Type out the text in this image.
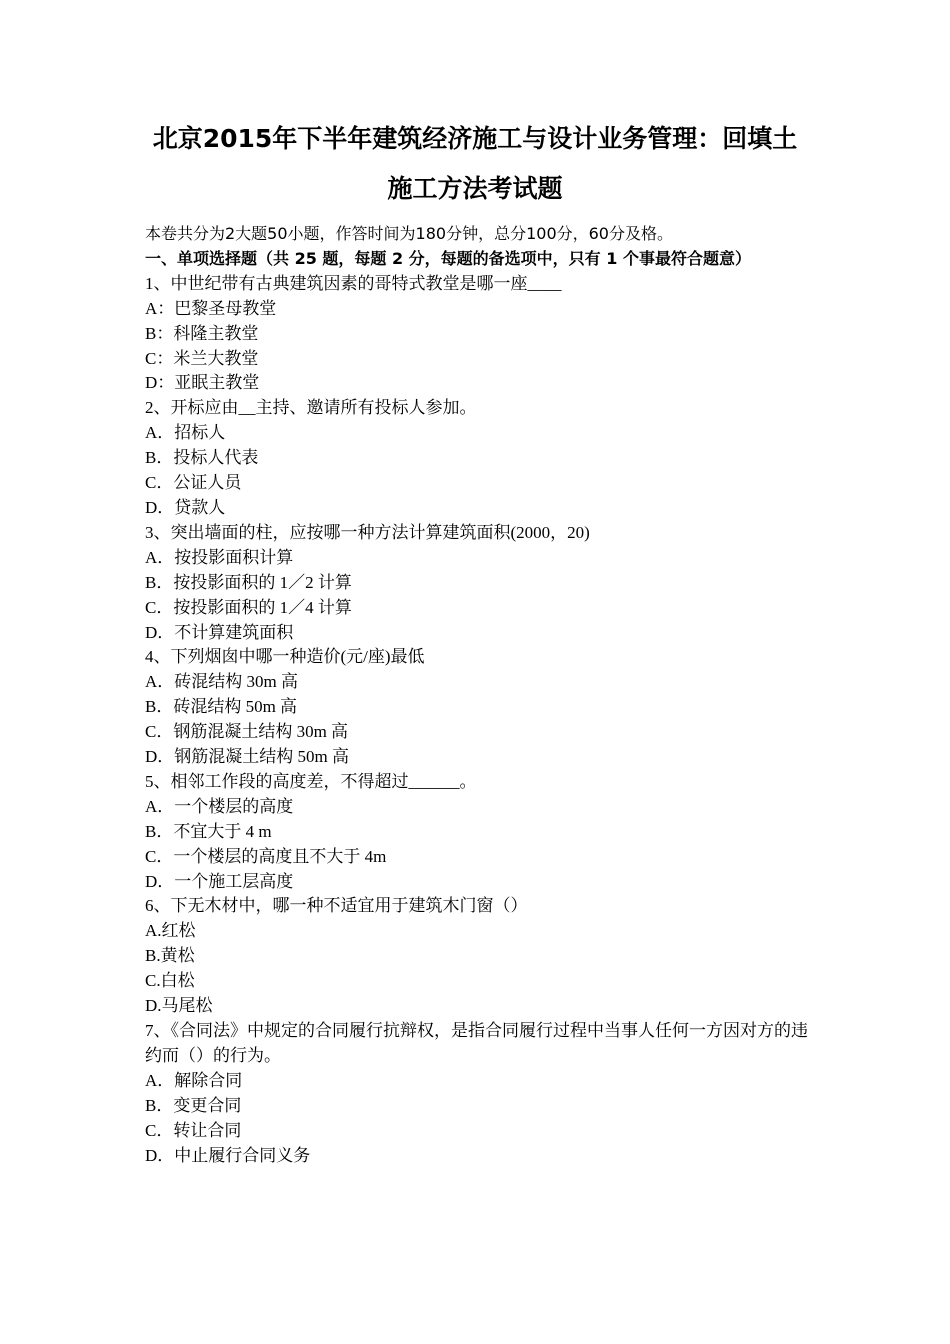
北京2015年下半年建筑经济施工与设计业务管理：回填土
施工方法考试题
本卷共分为2大题50小题，作答时间为180分钟，总分100分，60分及格。
一、单项选择题（共 25 题，每题 2 分，每题的备选项中，只有 1 个事最符合题意）
1、中世纪带有古典建筑因素的哥特式教堂是哪一座____
A：巴黎圣母教堂
B：科隆主教堂
C：米兰大教堂
D：亚眠主教堂
2、开标应由__主持、邀请所有投标人参加。
A．招标人
B．投标人代表
C．公证人员
D．贷款人
3、突出墙面的柱，应按哪一种方法计算建筑面积(2000，20)
A．按投影面积计算
B．按投影面积的 1／2 计算
C．按投影面积的 1／4 计算
D．不计算建筑面积
4、下列烟囱中哪一种造价(元/座)最低
A．砖混结构 30m 高
B．砖混结构 50m 高
C．钢筋混凝土结构 30m 高
D．钢筋混凝土结构 50m 高
5、相邻工作段的高度差，不得超过______。
A．一个楼层的高度
B．不宜大于 4 m
C．一个楼层的高度且不大于 4m
D．一个施工层高度
6、下无木材中，哪一种不适宜用于建筑木门窗（）
A.红松
B.黄松
C.白松
D.马尾松
7、《合同法》中规定的合同履行抗辩权，是指合同履行过程中当事人任何一方因对方的违约而（）的行为。
A．解除合同
B．变更合同
C．转让合同
D．中止履行合同义务
